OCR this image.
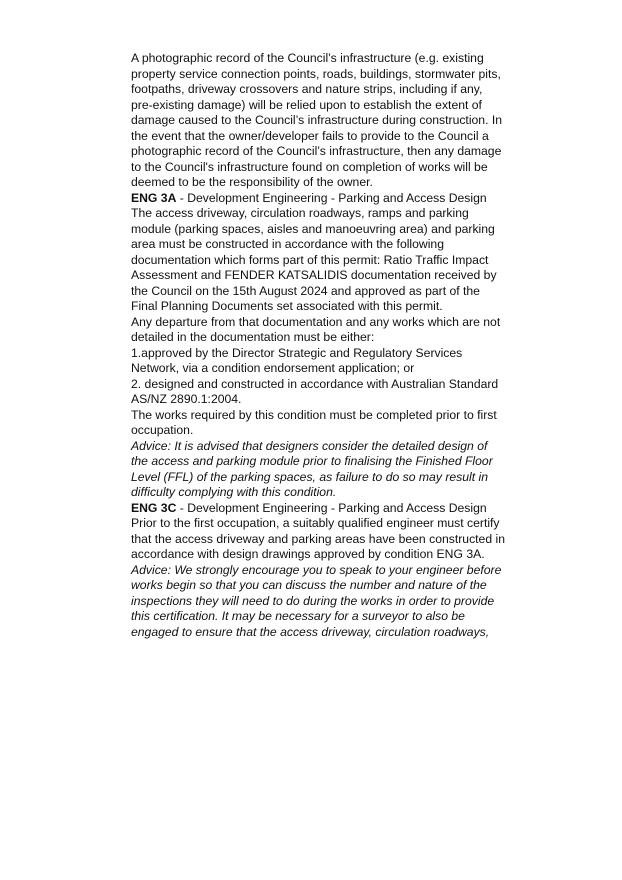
A photographic record of the Council’s infrastructure (e.g. existing
property service connection points, roads, buildings, stormwater pits,
footpaths, driveway crossovers and nature strips, including if any,
pre-existing damage) will be relied upon to establish the extent of
damage caused to the Council’s infrastructure during construction. In
the event that the owner/developer fails to provide to the Council a
photographic record of the Council’s infrastructure, then any damage
to the Council's infrastructure found on completion of works will be
deemed to be the responsibility of the owner.

ENG 3A - Development Engineering - Parking and Access Design

The access driveway, circulation roadways, ramps and parking
module (parking spaces, aisles and manoeuvring area) and parking
area must be constructed in accordance with the following
documentation which forms part of this permit: Ratio Traffic Impact
Assessment and FENDER KATSALIDIS documentation received by
the Council on the 15th August 2024 and approved as part of the
Final Planning Documents set associated with this permit.

Any departure from that documentation and any works which are not
detailed in the documentation must be either:

1.approved by the Director Strategic and Regulatory Services
Network, via a condition endorsement application; or

2. designed and constructed in accordance with Australian Standard
AS/NZ 2890.1:2004.

The works required by this condition must be completed prior to first
occupation.

Advice: It is advised that designers consider the detailed design of
the access and parking module prior to finalising the Finished Floor
Level (FFL) of the parking spaces, as failure to do so may result in
difficulty complying with this condition.

ENG 3C - Development Engineering - Parking and Access Design

Prior to the first occupation, a suitably qualified engineer must certify
that the access driveway and parking areas have been constructed in
accordance with design drawings approved by condition ENG 3A.

Advice: We strongly encourage you to speak to your engineer before
works begin so that you can discuss the number and nature of the
inspections they will need to do during the works in order to provide
this certification. It may be necessary for a surveyor to also be
engaged to ensure that the access driveway, circulation roadways,
